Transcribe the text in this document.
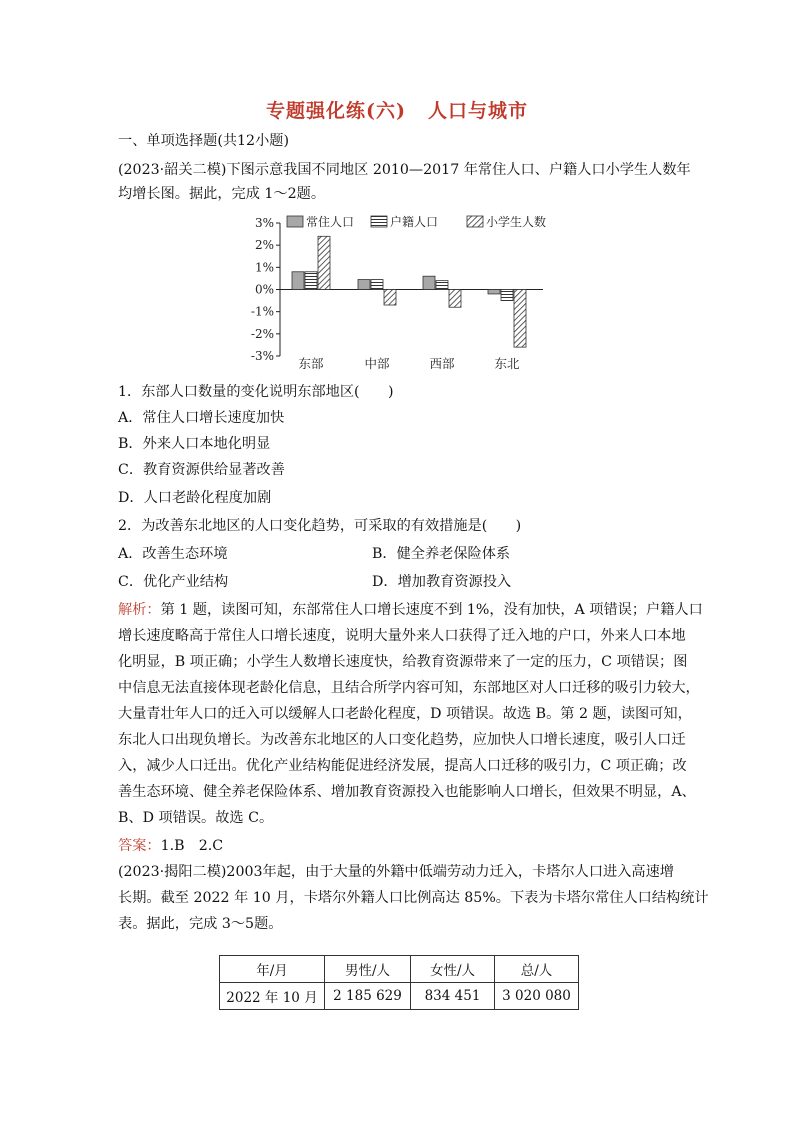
专题强化练(六) 人口与城市
一、单项选择题(共12小题)
(2023·韶关二模)下图示意我国不同地区 2010—2017 年常住人口、户籍人口小学生人数年
均增长图。据此，完成 1～2题。
3%
2%
1%
0%
-1%
-2%
-3% 东部	中部	西部	东北
常住人口	户籍人口	小学生人数
1．东部人口数量的变化说明东部地区(　　)
A．常住人口增长速度加快
B．外来人口本地化明显
C．教育资源供给显著改善
D．人口老龄化程度加剧
2．为改善东北地区的人口变化趋势，可采取的有效措施是(　　)
A．改善生态环境	B．健全养老保险体系
C．优化产业结构	D．增加教育资源投入
解析：第 1 题，读图可知，东部常住人口增长速度不到 1%，没有加快，A 项错误；户籍人口
增长速度略高于常住人口增长速度，说明大量外来人口获得了迁入地的户口，外来人口本地
化明显，B 项正确；小学生人数增长速度快，给教育资源带来了一定的压力，C 项错误；图
中信息无法直接体现老龄化信息，且结合所学内容可知，东部地区对人口迁移的吸引力较大，
大量青壮年人口的迁入可以缓解人口老龄化程度，D 项错误。故选 B。第 2 题，读图可知，
东北人口出现负增长。为改善东北地区的人口变化趋势，应加快人口增长速度，吸引人口迁
入，减少人口迁出。优化产业结构能促进经济发展，提高人口迁移的吸引力，C 项正确；改
善生态环境、健全养老保险体系、增加教育资源投入也能影响人口增长，但效果不明显，A、
B、D 项错误。故选 C。
答案：1.B　2.C
(2023·揭阳二模)2003年起，由于大量的外籍中低端劳动力迁入，卡塔尔人口进入高速增
长期。截至 2022 年 10 月，卡塔尔外籍人口比例高达 85%。下表为卡塔尔常住人口结构统计
表。据此，完成 3～5题。
年/月	男性/人	女性/人	总/人
2022 年 10 月	2 185 629	834 451	3 020 080
